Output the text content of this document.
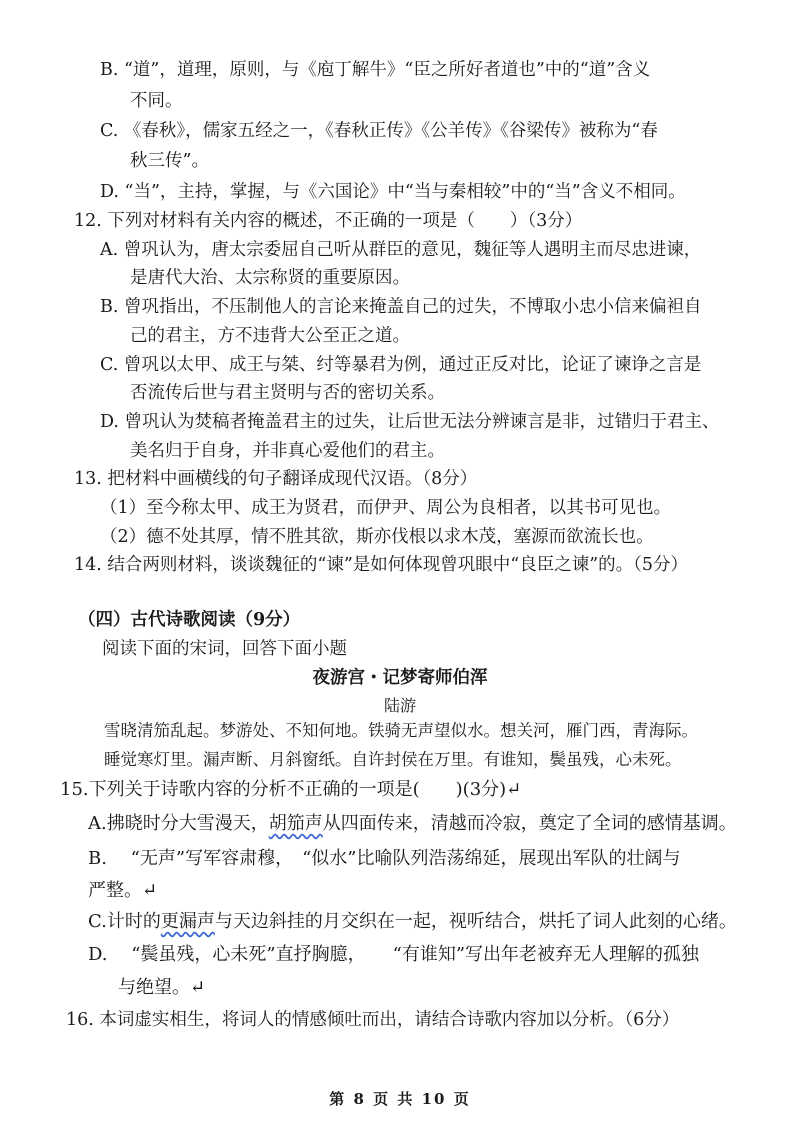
B. “道”，道理，原则，与《庖丁解牛》“臣之所好者道也”中的“道”含义
不同。
C. 《春秋》，儒家五经之一，《春秋正传》《公羊传》《谷梁传》被称为“春
秋三传”。
D. “当”，主持，掌握，与《六国论》中“当与秦相较”中的“当”含义不相同。
12. 下列对材料有关内容的概述，不正确的一项是（　　）（3分）
A. 曾巩认为，唐太宗委屈自己听从群臣的意见，魏征等人遇明主而尽忠进谏，
是唐代大治、太宗称贤的重要原因。
B. 曾巩指出，不压制他人的言论来掩盖自己的过失，不博取小忠小信来偏袒自
己的君主，方不违背大公至正之道。
C. 曾巩以太甲、成王与桀、纣等暴君为例，通过正反对比，论证了谏诤之言是
否流传后世与君主贤明与否的密切关系。
D. 曾巩认为焚稿者掩盖君主的过失，让后世无法分辨谏言是非，过错归于君主、
美名归于自身，并非真心爱他们的君主。
13. 把材料中画横线的句子翻译成现代汉语。（8分）
（1）至今称太甲、成王为贤君，而伊尹、周公为良相者，以其书可见也。
（2）德不处其厚，情不胜其欲，斯亦伐根以求木茂，塞源而欲流长也。
14. 结合两则材料，谈谈魏征的“谏”是如何体现曾巩眼中“良臣之谏”的。（5分）
（四）古代诗歌阅读（9分）
阅读下面的宋词，回答下面小题
夜游宫・记梦寄师伯浑
陆游
雪晓清笳乱起。梦游处、不知何地。铁骑无声望似水。想关河，雁门西，青海际。
睡觉寒灯里。漏声断、月斜窗纸。自许封侯在万里。有谁知，鬓虽残，心未死。
15.下列关于诗歌内容的分析不正确的一项是(　　)(3分)↵
A.拂晓时分大雪漫天，胡笳声从四面传来，清越而冷寂，奠定了全词的感情基调。
B.　 “无声”写军容肃穆，　“似水”比喻队列浩荡绵延，展现出军队的壮阔与
严整。↵
C.计时的更漏声与天边斜挂的月交织在一起，视听结合，烘托了词人此刻的心绪。
D.　 “鬓虽残，心未死”直抒胸臆，　　“有谁知”写出年老被弃无人理解的孤独
与绝望。↵
16. 本词虚实相生，将词人的情感倾吐而出，请结合诗歌内容加以分析。（6分）
第 8 页 共 10 页
